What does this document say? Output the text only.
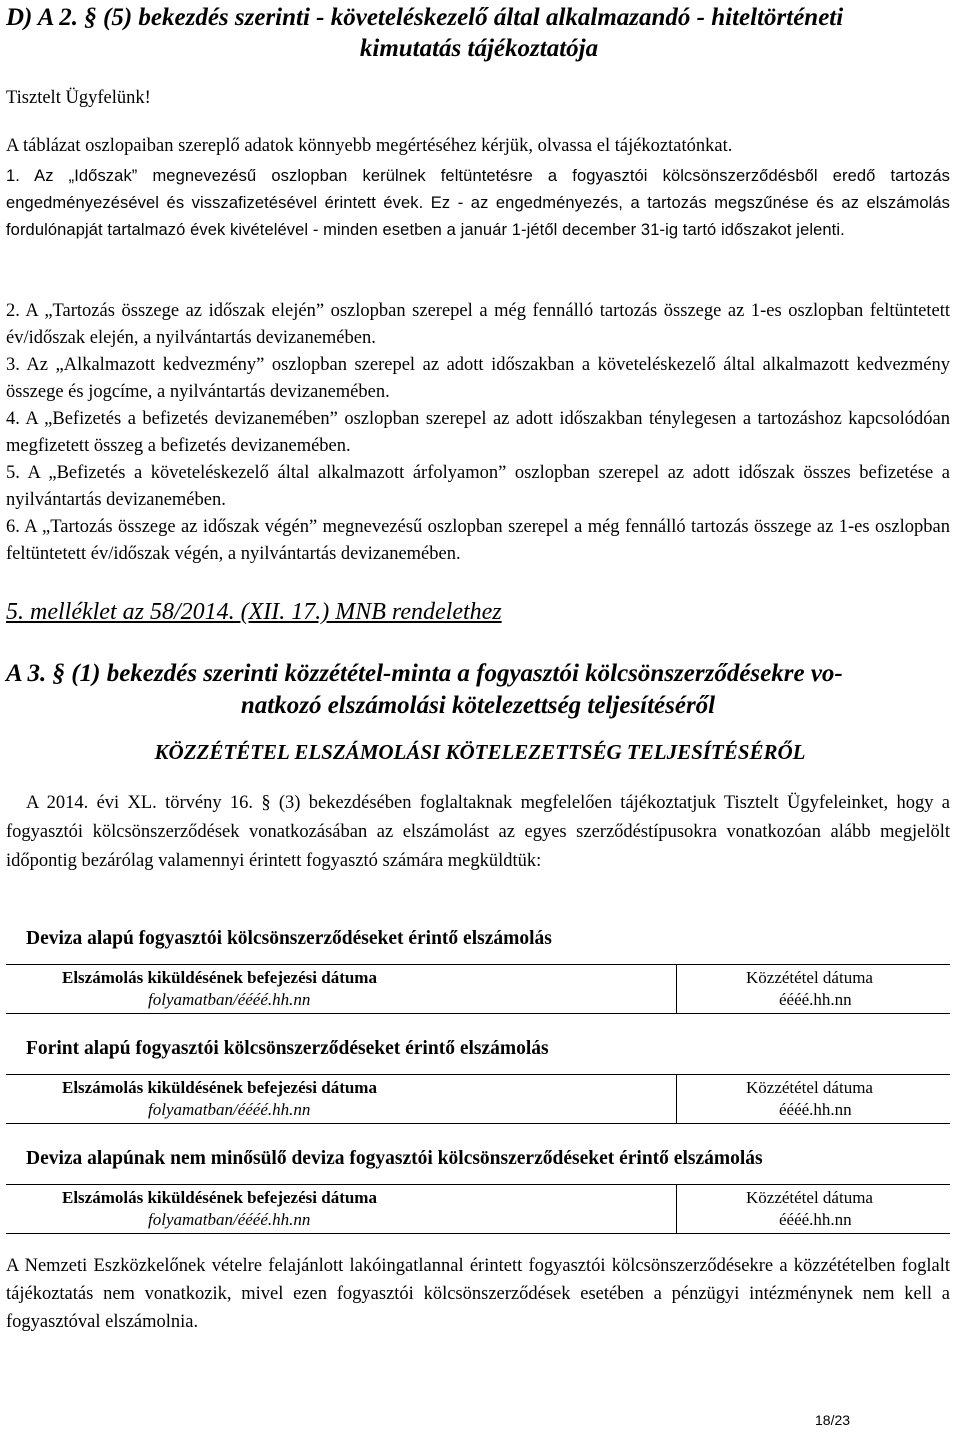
D) A 2. § (5) bekezdés szerinti - követeléskezelő által alkalmazandó - hiteltörténeti
kimutatás tájékoztatója
Tisztelt Ügyfelünk!
A táblázat oszlopaiban szereplő adatok könnyebb megértéséhez kérjük, olvassa el tájékoztatónkat.

1. Az „Időszak” megnevezésű oszlopban kerülnek feltüntetésre a fogyasztói kölcsönszerződésből eredő tartozás engedményezésével és visszafizetésével érintett évek. Ez - az engedményezés, a tartozás megszűnése és az elszámolás fordulónapját tartalmazó évek kivételével - minden esetben a január 1-jétől december 31-ig tartó időszakot jelenti.

2. A „Tartozás összege az időszak elején” oszlopban szerepel a még fennálló tartozás összege az 1-es oszlopban feltüntetett év/időszak elején, a nyilvántartás devizanemében.

3. Az „Alkalmazott kedvezmény” oszlopban szerepel az adott időszakban a követeléskezelő által alkalmazott kedvezmény összege és jogcíme, a nyilvántartás devizanemében.

4. A „Befizetés a befizetés devizanemében” oszlopban szerepel az adott időszakban ténylegesen a tartozáshoz kapcsolódóan megfizetett összeg a befizetés devizanemében.

5. A „Befizetés a követeléskezelő által alkalmazott árfolyamon” oszlopban szerepel az adott időszak összes befizetése a nyilvántartás devizanemében.

6. A „Tartozás összege az időszak végén” megnevezésű oszlopban szerepel a még fennálló tartozás összege az 1-es oszlopban feltüntetett év/időszak végén, a nyilvántartás devizanemében.

5. melléklet az 58/2014. (XII. 17.) MNB rendelethez
A 3. § (1) bekezdés szerinti közzététel-minta a fogyasztói kölcsönszerződésekre vo-
natkozó elszámolási kötelezettség teljesítéséről
KÖZZÉTÉTEL ELSZÁMOLÁSI KÖTELEZETTSÉG TELJESÍTÉSÉRŐL
A 2014. évi XL. törvény 16. § (3) bekezdésében foglaltaknak megfelelően tájékoztatjuk Tisztelt Ügyfeleinket, hogy a fogyasztói kölcsönszerződések vonatkozásában az elszámolást az egyes szerződéstípusokra vonatkozóan alább megjelölt időpontig bezárólag valamennyi érintett fogyasztó számára megküldtük:
Deviza alapú fogyasztói kölcsönszerződéseket érintő elszámolás
Elszámolás kiküldésének befejezési dátuma
folyamatban/éééé.hh.nn
Közzététel dátuma
éééé.hh.nn
Forint alapú fogyasztói kölcsönszerződéseket érintő elszámolás
Elszámolás kiküldésének befejezési dátuma
folyamatban/éééé.hh.nn
Közzététel dátuma
éééé.hh.nn
Deviza alapúnak nem minősülő deviza fogyasztói kölcsönszerződéseket érintő elszámolás
Elszámolás kiküldésének befejezési dátuma
folyamatban/éééé.hh.nn
Közzététel dátuma
éééé.hh.nn
A Nemzeti Eszközkelőnek vételre felajánlott lakóingatlannal érintett fogyasztói kölcsönszerződésekre a közzétételben foglalt tájékoztatás nem vonatkozik, mivel ezen fogyasztói kölcsönszerződések esetében a pénzügyi intézménynek nem kell a fogyasztóval elszámolnia.
18/23
